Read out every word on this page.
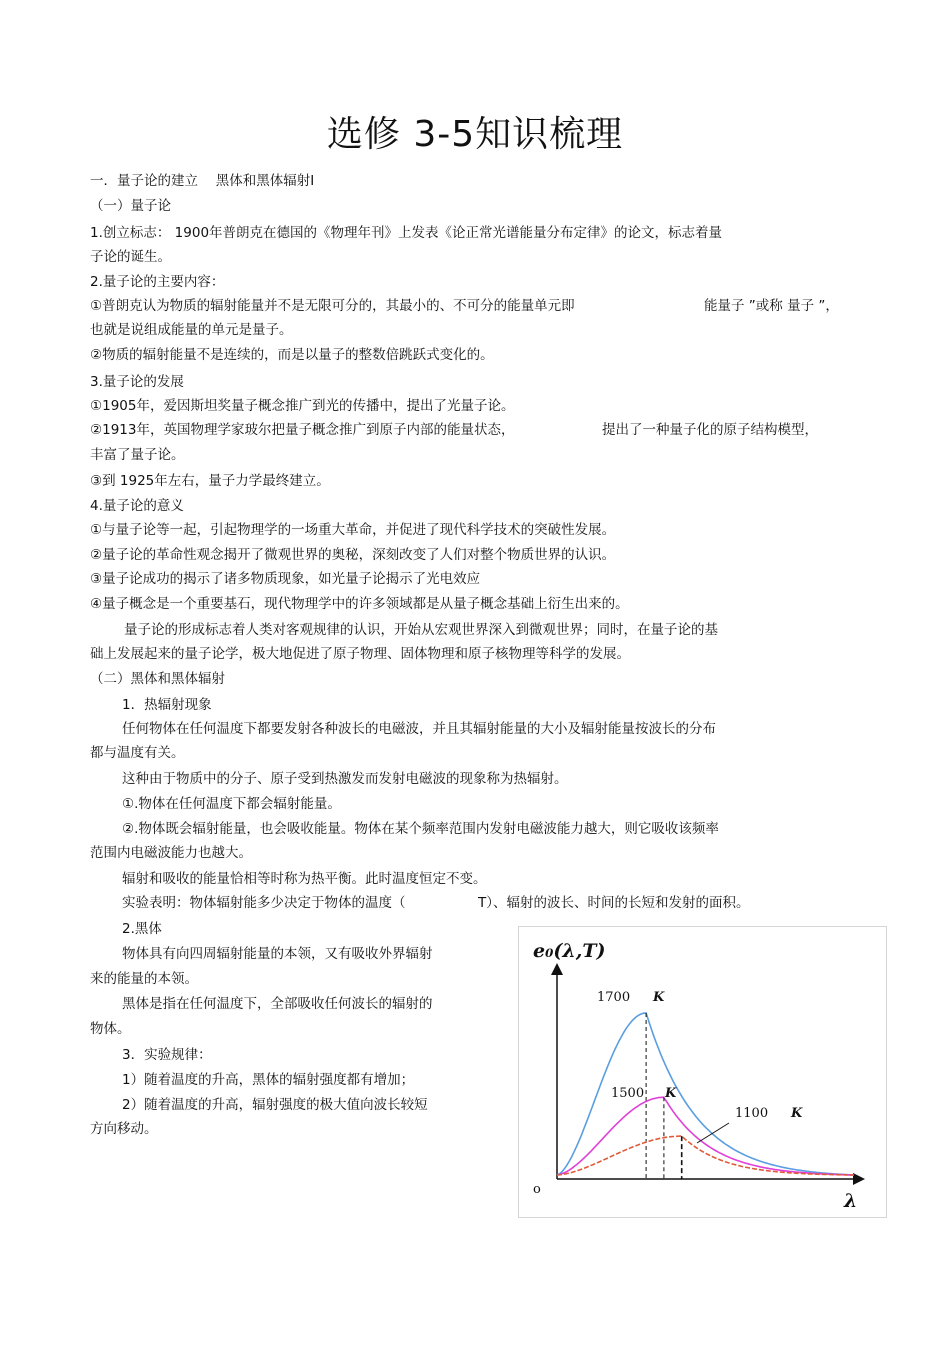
选修 3-5知识梳理
一．量子论的建立　 黑体和黑体辐射Ⅰ
（一）量子论
1.创立标志： 1900年普朗克在德国的《物理年刊》上发表《论正常光谱能量分布定律》的论文，标志着量
子论的诞生。
2.量子论的主要内容：
①普朗克认为物质的辐射能量并不是无限可分的，其最小的、不可分的能量单元即	能量子 ”或称 量子 ”，
也就是说组成能量的单元是量子。
②物质的辐射能量不是连续的，而是以量子的整数倍跳跃式变化的。
3.量子论的发展
①1905年，爱因斯坦奖量子概念推广到光的传播中，提出了光量子论。
②1913年，英国物理学家玻尔把量子概念推广到原子内部的能量状态，	提出了一种量子化的原子结构模型，
丰富了量子论。
③到 1925年左右，量子力学最终建立。
4.量子论的意义
①与量子论等一起，引起物理学的一场重大革命，并促进了现代科学技术的突破性发展。
②量子论的革命性观念揭开了微观世界的奥秘，深刻改变了人们对整个物质世界的认识。
③量子论成功的揭示了诸多物质现象，如光量子论揭示了光电效应
④量子概念是一个重要基石，现代物理学中的许多领域都是从量子概念基础上衍生出来的。
量子论的形成标志着人类对客观规律的认识，开始从宏观世界深入到微观世界；同时，在量子论的基
础上发展起来的量子论学，极大地促进了原子物理、固体物理和原子核物理等科学的发展。
（二）黑体和黑体辐射
1．热辐射现象
任何物体在任何温度下都要发射各种波长的电磁波，并且其辐射能量的大小及辐射能量按波长的分布
都与温度有关。
这种由于物质中的分子、原子受到热激发而发射电磁波的现象称为热辐射。
①.物体在任何温度下都会辐射能量。
②.物体既会辐射能量，也会吸收能量。物体在某个频率范围内发射电磁波能力越大，则它吸收该频率
范围内电磁波能力也越大。
辐射和吸收的能量恰相等时称为热平衡。此时温度恒定不变。
实验表明：物体辐射能多少决定于物体的温度（	T）、辐射的波长、时间的长短和发射的面积。
2.黑体
物体具有向四周辐射能量的本领，又有吸收外界辐射
来的能量的本领。
黑体是指在任何温度下，全部吸收任何波长的辐射的
物体。
3．实验规律：
1）随着温度的升高，黑体的辐射强度都有增加；
2）随着温度的升高，辐射强度的极大值向波长较短
方向移动。
e₀(λ,T)
λ
o
1700 K
1500 K
1100 K
